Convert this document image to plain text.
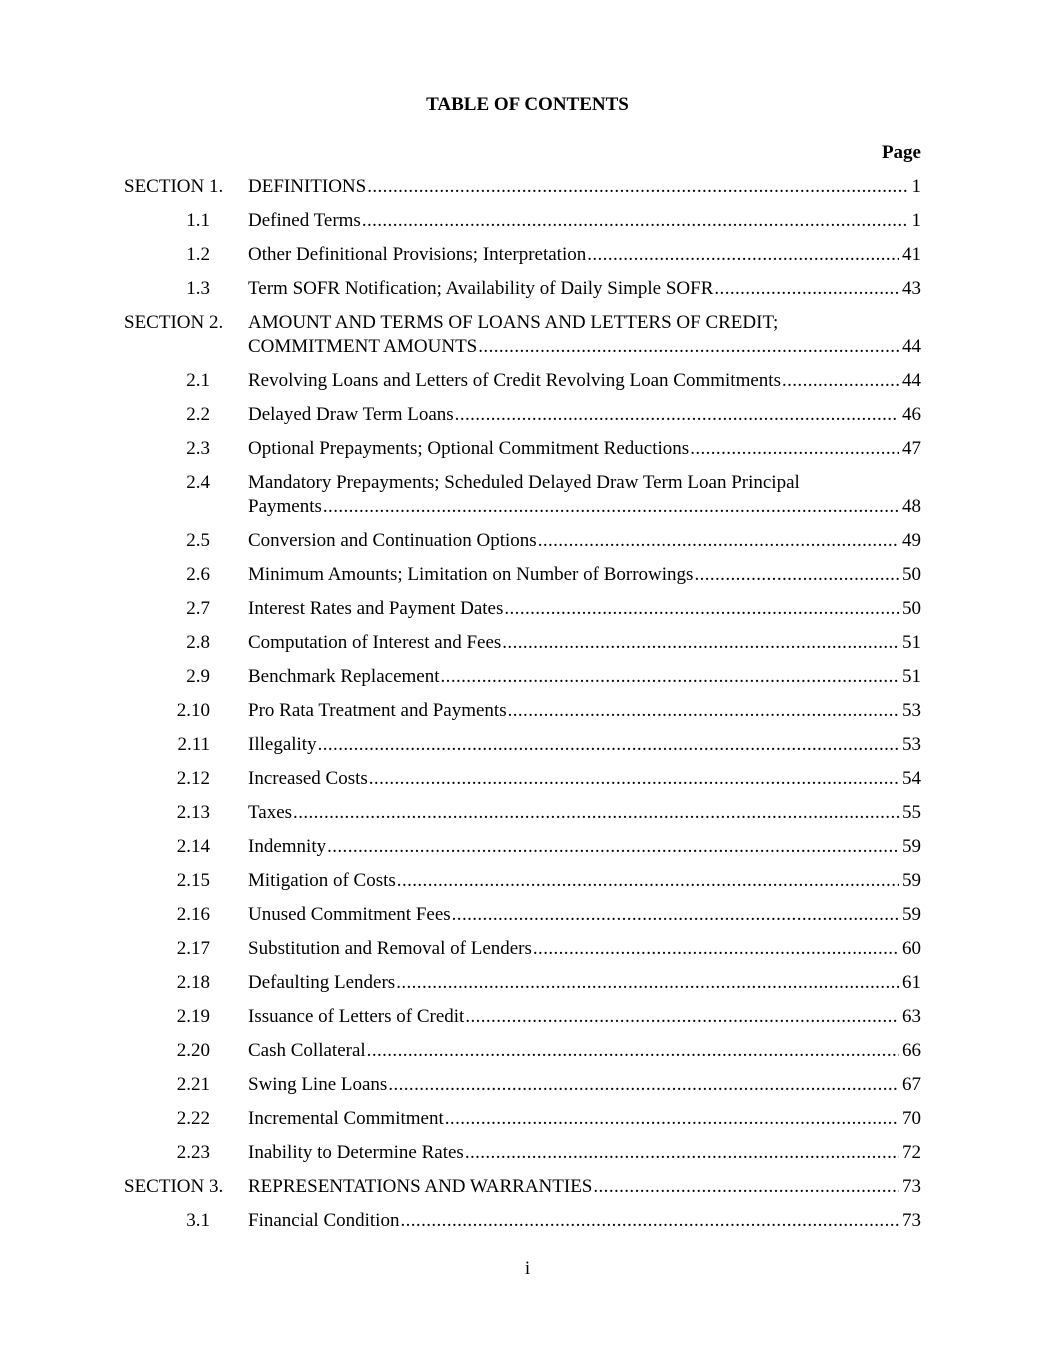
TABLE OF CONTENTS
Page
SECTION 1. DEFINITIONS .....	1
1.1 Defined Terms .....	1
1.2 Other Definitional Provisions; Interpretation .....	41
1.3 Term SOFR Notification; Availability of Daily Simple SOFR .....	43
SECTION 2. AMOUNT AND TERMS OF LOANS AND LETTERS OF CREDIT;
COMMITMENT AMOUNTS .....	44
2.1 Revolving Loans and Letters of Credit Revolving Loan Commitments .....	44
2.2 Delayed Draw Term Loans .....	46
2.3 Optional Prepayments; Optional Commitment Reductions .....	47
2.4 Mandatory Prepayments; Scheduled Delayed Draw Term Loan Principal
Payments .....	48
2.5 Conversion and Continuation Options .....	49
2.6 Minimum Amounts; Limitation on Number of Borrowings .....	50
2.7 Interest Rates and Payment Dates .....	50
2.8 Computation of Interest and Fees .....	51
2.9 Benchmark Replacement .....	51
2.10 Pro Rata Treatment and Payments .....	53
2.11 Illegality .....	53
2.12 Increased Costs .....	54
2.13 Taxes .....	55
2.14 Indemnity .....	59
2.15 Mitigation of Costs .....	59
2.16 Unused Commitment Fees .....	59
2.17 Substitution and Removal of Lenders .....	60
2.18 Defaulting Lenders .....	61
2.19 Issuance of Letters of Credit .....	63
2.20 Cash Collateral .....	66
2.21 Swing Line Loans .....	67
2.22 Incremental Commitment .....	70
2.23 Inability to Determine Rates .....	72
SECTION 3. REPRESENTATIONS AND WARRANTIES .....	73
3.1 Financial Condition .....	73
i
